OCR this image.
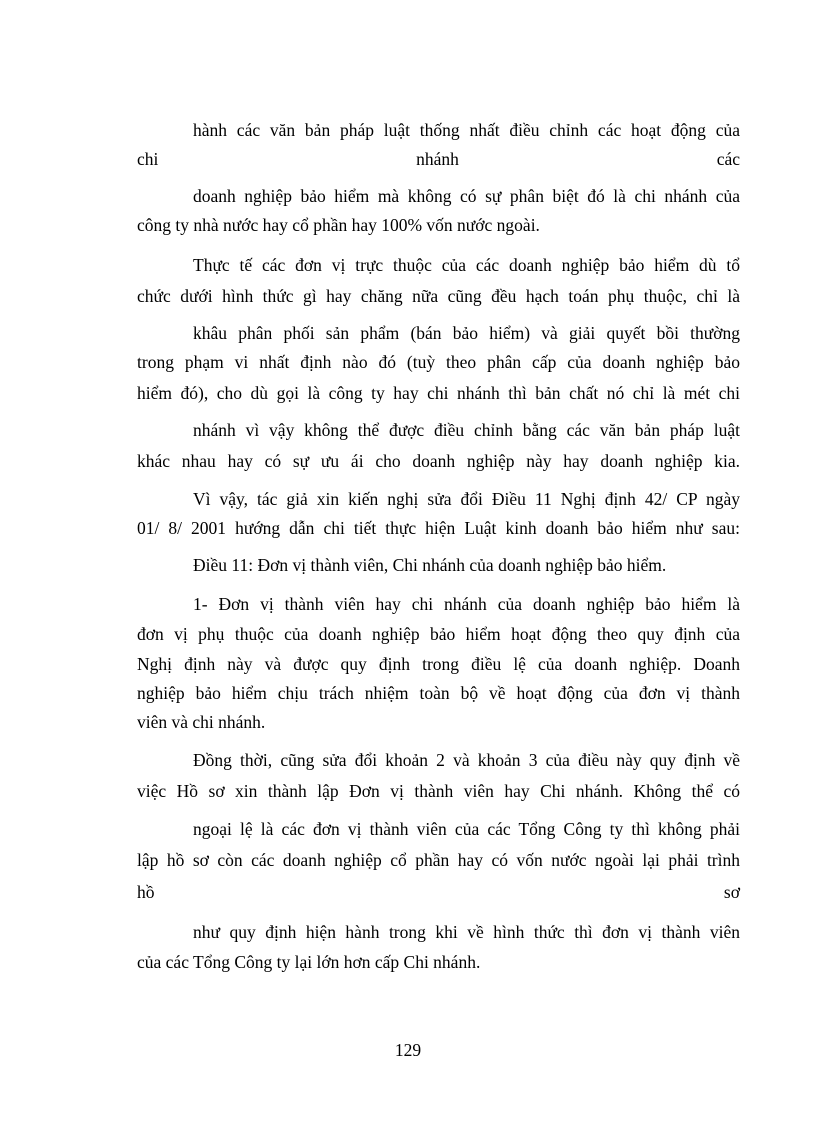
hành các văn bản pháp luật thống nhất điều chỉnh các hoạt động của
chi nhánh các
doanh nghiệp bảo hiểm mà không có sự phân biệt đó là chi nhánh của
công ty nhà nước hay cổ phần hay 100% vốn nước ngoài.
Thực tế các đơn vị trực thuộc của các doanh nghiệp bảo hiểm dù tổ
chức dưới hình thức gì hay chăng nữa cũng đều hạch toán phụ thuộc, chỉ là
khâu phân phối sản phẩm (bán bảo hiểm) và giải quyết bồi thường
trong phạm vi nhất định nào đó (tuỳ theo phân cấp của doanh nghiệp bảo
hiểm đó), cho dù gọi là công ty hay chi nhánh thì bản chất nó chỉ là mét chi
nhánh vì vậy không thể được điều chỉnh bằng các văn bản pháp luật
khác nhau hay có sự ưu ái cho doanh nghiệp này hay doanh nghiệp kia.
Vì vậy, tác giả xin kiến nghị sửa đổi Điều 11 Nghị định 42/ CP ngày
01/ 8/ 2001 hướng dẫn chi tiết thực hiện Luật kinh doanh bảo hiểm như sau:
Điều 11: Đơn vị thành viên, Chi nhánh của doanh nghiệp bảo hiểm.
1- Đơn vị thành viên hay chi nhánh của doanh nghiệp bảo hiểm là
đơn vị phụ thuộc của doanh nghiệp bảo hiểm hoạt động theo quy định của
Nghị định này và được quy định trong điều lệ của doanh nghiệp. Doanh
nghiệp bảo hiểm chịu trách nhiệm toàn bộ về hoạt động của đơn vị thành
viên và chi nhánh.
Đồng thời, cũng sửa đổi khoản 2 và khoản 3 của điều này quy định về
việc Hồ sơ xin thành lập Đơn vị thành viên hay Chi nhánh. Không thể có
ngoại lệ là các đơn vị thành viên của các Tổng Công ty thì không phải
lập hồ sơ còn các doanh nghiệp cổ phần hay có vốn nước ngoài lại phải trình
hồ sơ
như quy định hiện hành trong khi về hình thức thì đơn vị thành viên
của các Tổng Công ty lại lớn hơn cấp Chi nhánh.
129
